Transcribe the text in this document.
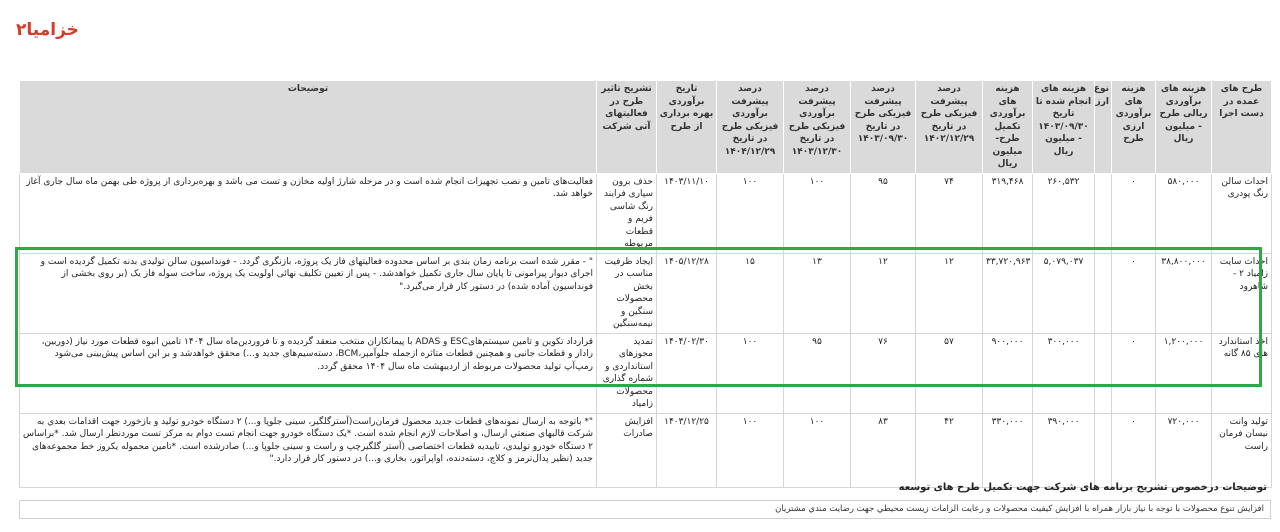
خزامیا۲
طرح های عمده در دست اجرا	هزینه های برآوردی ریالی طرح - میلیون ریال	هزینه های برآوردی ارزی طرح	نوع ارز	هزینه های انجام شده تا تاریخ ۱۴۰۳/۰۹/۳۰ - میلیون ریال	هزینه های برآوردی تکمیل طرح- میلیون ریال	درصد پیشرفت فیزیکی طرح در تاریخ ۱۴۰۲/۱۲/۲۹	درصد پیشرفت فیزیکی طرح در تاریخ ۱۴۰۳/۰۹/۳۰	درصد پیشرفت برآوردی فیزیکی طرح در تاریخ ۱۴۰۳/۱۲/۳۰	درصد پیشرفت برآوردی فیزیکی طرح در تاریخ ۱۴۰۴/۱۲/۲۹	تاریخ برآوردی بهره برداری از طرح	تشریح تاثیر طرح در فعالیتهای آتی شرکت	توضیحات
احداث سالن رنگ پودری	۵۸۰,۰۰۰	۰		۲۶۰,۵۳۲	۳۱۹,۴۶۸	۷۴	۹۵	۱۰۰	۱۰۰	۱۴۰۳/۱۱/۱۰	حذف برون سپاری فرایند رنگ شاسی فریم و قطعات مربوطه	فعالیت‌های تامین و نصب تجهیزات انجام شده است و در مرحله شارژ اولیه مخازن و تست می باشد و بهره‌برداری از پروژه طی بهمن ماه سال جاری آغاز خواهد شد.
احداث سایت زامیاد ۲ - شاهرود	۳۸,۸۰۰,۰۰۰	۰		۵,۰۷۹,۰۳۷	۳۳,۷۲۰,۹۶۳	۱۲	۱۲	۱۳	۱۵	۱۴۰۵/۱۲/۲۸	ایجاد ظرفیت مناسب در بخش محصولات سنگین و نیمه‌سنگین	" - مقرر شده است برنامه زمان بندی بر اساس محدوده فعالیتهای فاز یک پروژه، بازنگری گردد. - فونداسیون سالن تولیدی بدنه تکمیل گردیده است و اجرای دیوار پیرامونی تا پایان سال جاری تکمیل خواهدشد. - پس از تعیین تکلیف نهائی اولویت یک پروژه، ساخت سوله فاز یک (بر روی بخشی از فونداسیون آماده شده) در دستور کار قرار می‌گیرد."
اخذ استاندارد های ۸۵ گانه	۱,۲۰۰,۰۰۰	۰		۳۰۰,۰۰۰	۹۰۰,۰۰۰	۵۷	۷۶	۹۵	۱۰۰	۱۴۰۴/۰۲/۳۰	تمدید مجوزهای استانداردی و شماره گذاری محصولات زامیاد	قرارداد تکوین و تامین سیستم‌هایESC و ADAS با پیمانکاران منتخب منعقد گردیده و تا فروردین‌ماه سال ۱۴۰۴ تامین انبوه قطعات مورد نیاز (دوربین، رادار و قطعات جانبی و همچنین قطعات متاثره ازجمله جلوآمپر،BCM، دسته‌سیم‌های جدید و...) محقق خواهدشد و بر این اساس پیش‌بینی می‌شود رمپ‌آپ تولید محصولات مربوطه از اردیبهشت ماه سال ۱۴۰۴ محقق گردد.
تولید وانت نیسان فرمان راست	۷۲۰,۰۰۰	۰		۳۹۰,۰۰۰	۳۳۰,۰۰۰	۴۲	۸۳	۱۰۰	۱۰۰	۱۴۰۳/۱۲/۲۵	افزایش صادرات	"* باتوجه به ارسال نمونه‌های قطعات جدید محصول فرمان‌راست(آسترگلگیر، سینی جلوپا و...) ۲ دستگاه خودرو تولید و بازخورد جهت اقدامات بعدي به شرکت قالبهاي صنعتي ارسال، و اصلاحات لازم انجام شده است. *یک دستگاه خودرو جهت انجام تست دوام به مرکز تست موردنظر ارسال شد. *براساس ۲ دستگاه خودرو تولیدی، تاییدیه قطعات اختصاصی (آستر گلگیرچپ و راست و سینی جلوپا و...) صادرشده است. *تامین محموله یکروز خط مجموعه‌های جدید (نظیر پدال‌ترمز و کلاچ، دسته‌دنده، اواپراتور، بخاری و...) در دستور کار قرار دارد."
توضیحات درخصوص تشریح برنامه های شرکت جهت تکمیل طرح های توسعه
افزايش تنوع محصولات با توجه با نياز بازار همراه با افزايش كيفيت محصولات و رعايت الزامات زيست محيطي جهت رضايت مندي مشتريان
